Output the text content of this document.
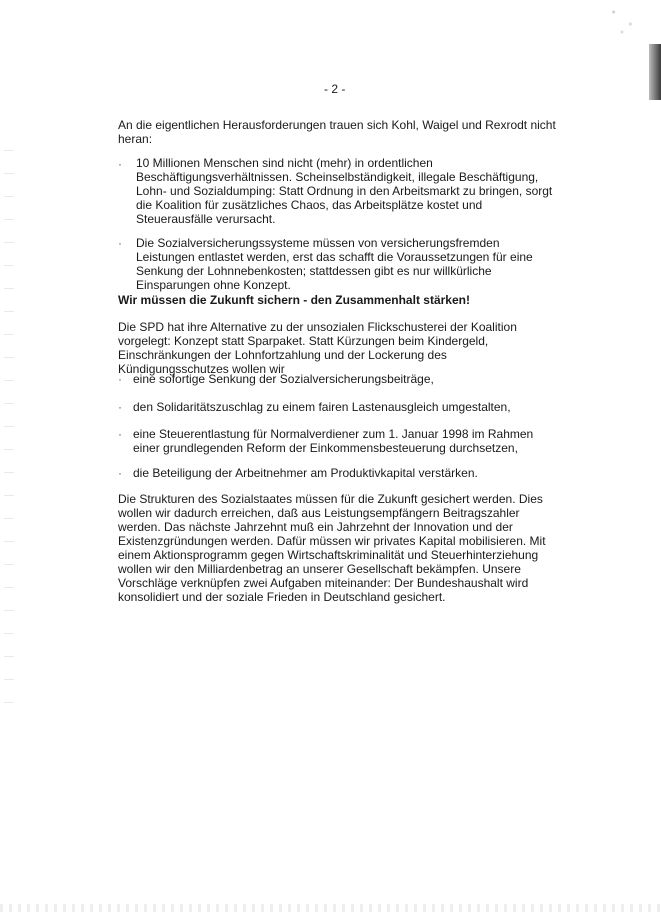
- 2 -

An die eigentlichen Herausforderungen trauen sich Kohl, Waigel und Rexrodt nicht heran:

·	10 Millionen Menschen sind nicht (mehr) in ordentlichen Beschäftigungsverhältnissen. Scheinselbständigkeit, illegale Beschäftigung, Lohn- und Sozialdumping: Statt Ordnung in den Arbeitsmarkt zu bringen, sorgt die Koalition für zusätzliches Chaos, das Arbeitsplätze kostet und Steuerausfälle verursacht.

·	Die Sozialversicherungssysteme müssen von versicherungsfremden Leistungen entlastet werden, erst das schafft die Voraussetzungen für eine Senkung der Lohnnebenkosten; stattdessen gibt es nur willkürliche Einsparungen ohne Konzept.

Wir müssen die Zukunft sichern - den Zusammenhalt stärken!

Die SPD hat ihre Alternative zu der unsozialen Flickschusterei der Koalition vorgelegt: Konzept statt Sparpaket. Statt Kürzungen beim Kindergeld, Einschränkungen der Lohnfortzahlung und der Lockerung des Kündigungsschutzes wollen wir

· eine sofortige Senkung der Sozialversicherungsbeiträge,

· den Solidaritätszuschlag zu einem fairen Lastenausgleich umgestalten,

· eine Steuerentlastung für Normalverdiener zum 1. Januar 1998 im Rahmen einer grundlegenden Reform der Einkommensbesteuerung durchsetzen,

· die Beteiligung der Arbeitnehmer am Produktivkapital verstärken.

Die Strukturen des Sozialstaates müssen für die Zukunft gesichert werden. Dies wollen wir dadurch erreichen, daß aus Leistungsempfängern Beitragszahler werden. Das nächste Jahrzehnt muß ein Jahrzehnt der Innovation und der Existenzgründungen werden. Dafür müssen wir privates Kapital mobilisieren. Mit einem Aktionsprogramm gegen Wirtschaftskriminalität und Steuerhinterziehung wollen wir den Milliardenbetrag an unserer Gesellschaft bekämpfen. Unsere Vorschläge verknüpfen zwei Aufgaben miteinander: Der Bundeshaushalt wird konsolidiert und der soziale Frieden in Deutschland gesichert.
